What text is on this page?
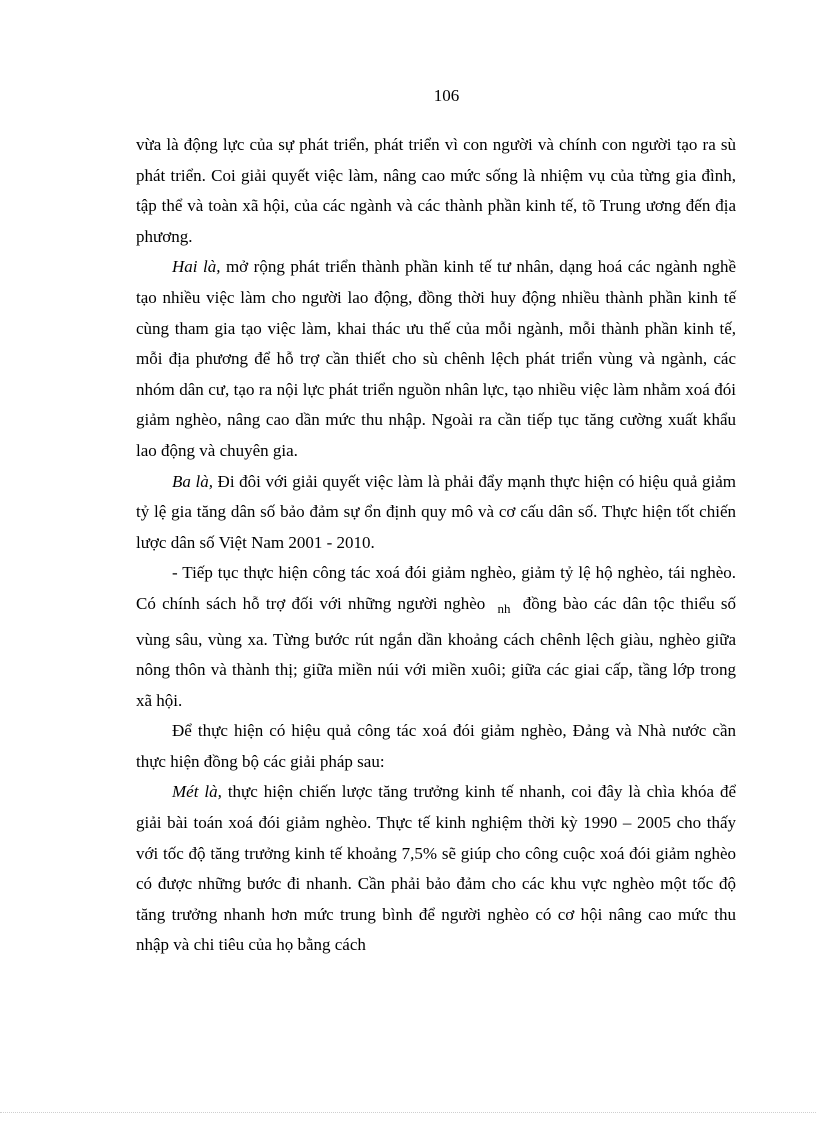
106

vừa là động lực của sự phát triển, phát triển vì con người và chính con người tạo ra sù phát triển. Coi giải quyết việc làm, nâng cao mức sống là nhiệm vụ của từng gia đình, tập thể và toàn xã hội, của các ngành và các thành phần kinh tế, tõ Trung ương đến địa phương.

Hai là, mở rộng phát triển thành phần kinh tế tư nhân, dạng hoá các ngành nghề tạo nhiều việc làm cho người lao động, đồng thời huy động nhiều thành phần kinh tế cùng tham gia tạo việc làm, khai thác ưu thế của mỗi ngành, mỗi thành phần kinh tế, mỗi địa phương để hỗ trợ cần thiết cho sù chênh lệch phát triển vùng và ngành, các nhóm dân cư, tạo ra nội lực phát triển nguồn nhân lực, tạo nhiều việc làm nhằm xoá đói giảm nghèo, nâng cao dần mức thu nhập. Ngoài ra cần tiếp tục tăng cường xuất khẩu lao động và chuyên gia.

Ba là, Đi đôi với giải quyết việc làm là phải đẩy mạnh thực hiện có hiệu quả giảm tỷ lệ gia tăng dân số bảo đảm sự ổn định quy mô và cơ cấu dân số. Thực hiện tốt chiến lược dân số Việt Nam 2001 - 2010.

- Tiếp tục thực hiện công tác xoá đói giảm nghèo, giảm tỷ lệ hộ nghèo, tái nghèo. Có chính sách hỗ trợ đối với những người nghèo $_{nh}$ đồng bào các dân tộc thiểu số vùng sâu, vùng xa. Từng bước rút ngắn dần khoảng cách chênh lệch giàu, nghèo giữa nông thôn và thành thị; giữa miền núi với miền xuôi; giữa các giai cấp, tầng lớp trong xã hội.

Để thực hiện có hiệu quả công tác xoá đói giảm nghèo, Đảng và Nhà nước cần thực hiện đồng bộ các giải pháp sau:

Mét là, thực hiện chiến lược tăng trưởng kinh tế nhanh, coi đây là chìa khóa để giải bài toán xoá đói giảm nghèo. Thực tế kinh nghiệm thời kỳ 1990 – 2005 cho thấy với tốc độ tăng trưởng kinh tế khoảng 7,5% sẽ giúp cho công cuộc xoá đói giảm nghèo có được những bước đi nhanh. Cần phải bảo đảm cho các khu vực nghèo một tốc độ tăng trưởng nhanh hơn mức trung bình để người nghèo có cơ hội nâng cao mức thu nhập và chi tiêu của họ bằng cách
